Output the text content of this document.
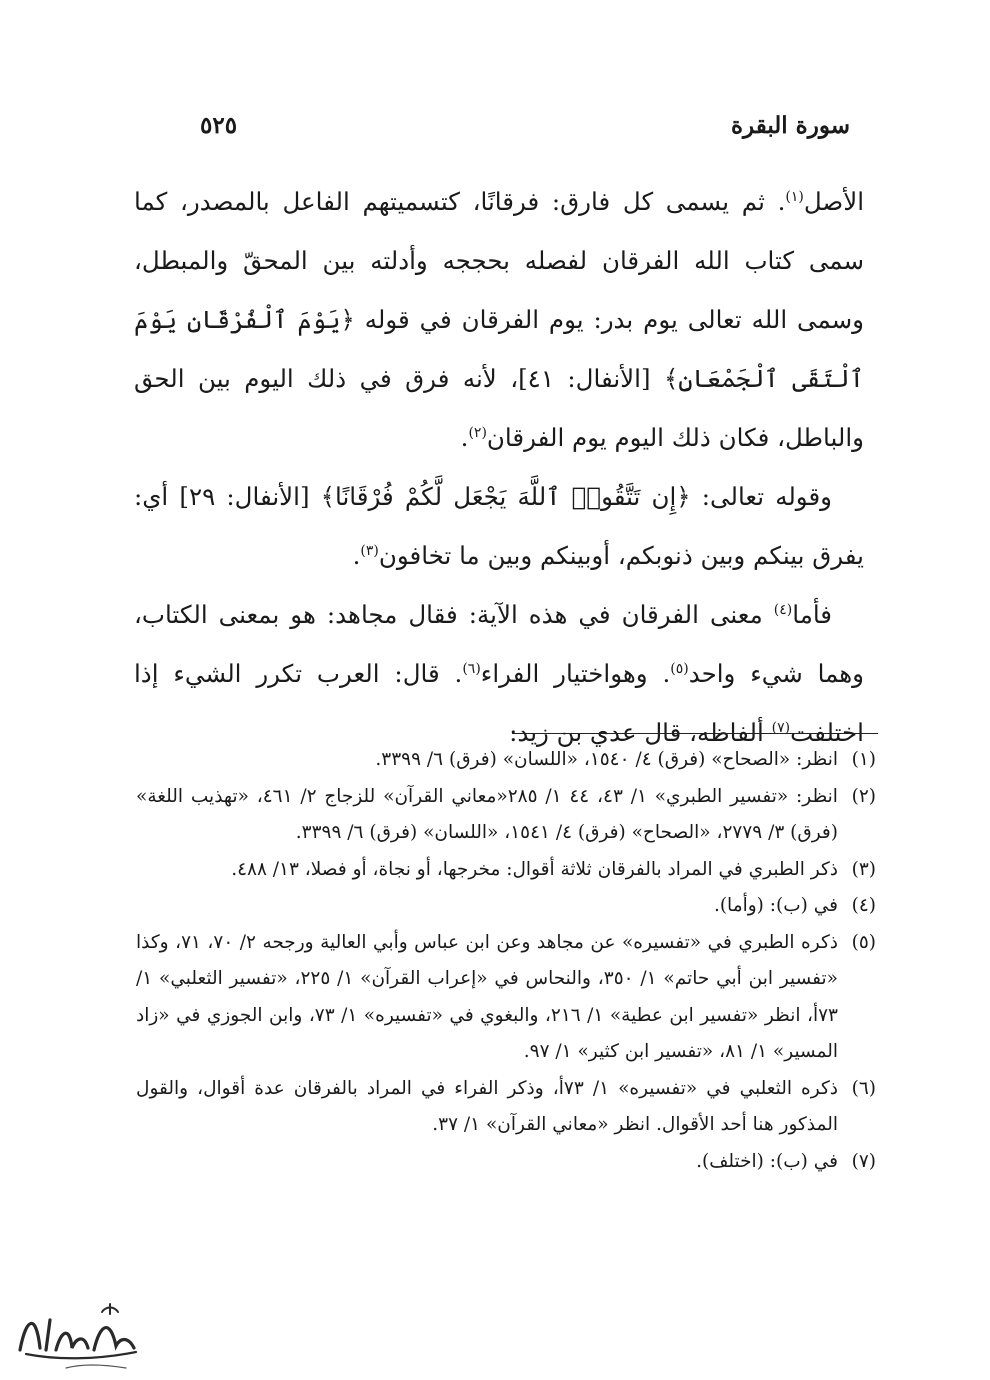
سورة البقرة
٥٢٥

الأصل$^{(١)}$. ثم يسمى كل فارق: فرقانًا، كتسميتهم الفاعل بالمصدر، كما سمى كتاب الله الفرقان لفصله بحججه وأدلته بين المحقّ والمبطل، وسمى الله تعالى يوم بدر: يوم الفرقان في قوله ﴿يَوْمَ ٱلْفُرْقَانِ يَوْمَ ٱلْتَقَى ٱلْجَمْعَانِ﴾ [الأنفال: ٤١]، لأنه فرق في ذلك اليوم بين الحق والباطل، فكان ذلك اليوم يوم الفرقان$^{(٢)}$.

وقوله تعالى: ﴿إِن تَتَّقُوا۟ ٱللَّهَ يَجْعَل لَّكُمْ فُرْقَانًا﴾ [الأنفال: ٢٩] أي: يفرق بينكم وبين ذنوبكم، أوبينكم وبين ما تخافون$^{(٣)}$.

فأما$^{(٤)}$ معنى الفرقان في هذه الآية: فقال مجاهد: هو بمعنى الكتاب، وهما شيء واحد$^{(٥)}$. وهواختيار الفراء$^{(٦)}$. قال: العرب تكرر الشيء إذا اختلفت$^{(٧)}$ ألفاظه، قال عدي بن زيد:

(١)
انظر: «الصحاح» (فرق) ٤/ ١٥٤٠، «اللسان» (فرق) ٦/ ٣٣٩٩.
(٢)
انظر: «تفسير الطبري» ١/ ٤٣، ٤٤ ١/ ٢٨٥«معاني القرآن» للزجاج ٢/ ٤٦١، «تهذيب اللغة» (فرق) ٣/ ٢٧٧٩، «الصحاح» (فرق) ٤/ ١٥٤١، «اللسان» (فرق) ٦/ ٣٣٩٩.
(٣)
ذكر الطبري في المراد بالفرقان ثلاثة أقوال: مخرجها، أو نجاة، أو فصلا، ١٣/ ٤٨٨.
(٤)
في (ب): (وأما).
(٥)
ذكره الطبري في «تفسيره» عن مجاهد وعن ابن عباس وأبي العالية ورجحه ٢/ ٧٠، ٧١، وكذا «تفسير ابن أبي حاتم» ١/ ٣٥٠، والنحاس في «إعراب القرآن» ١/ ٢٢٥، «تفسير الثعلبي» ١/ ٧٣أ، انظر «تفسير ابن عطية» ١/ ٢١٦، والبغوي في «تفسيره» ١/ ٧٣، وابن الجوزي في «زاد المسير» ١/ ٨١، «تفسير ابن كثير» ١/ ٩٧.
(٦)
ذكره الثعلبي في «تفسيره» ١/ ٧٣أ، وذكر الفراء في المراد بالفرقان عدة أقوال، والقول المذكور هنا أحد الأقوال. انظر «معاني القرآن» ١/ ٣٧.
(٧)
في (ب): (اختلف).
